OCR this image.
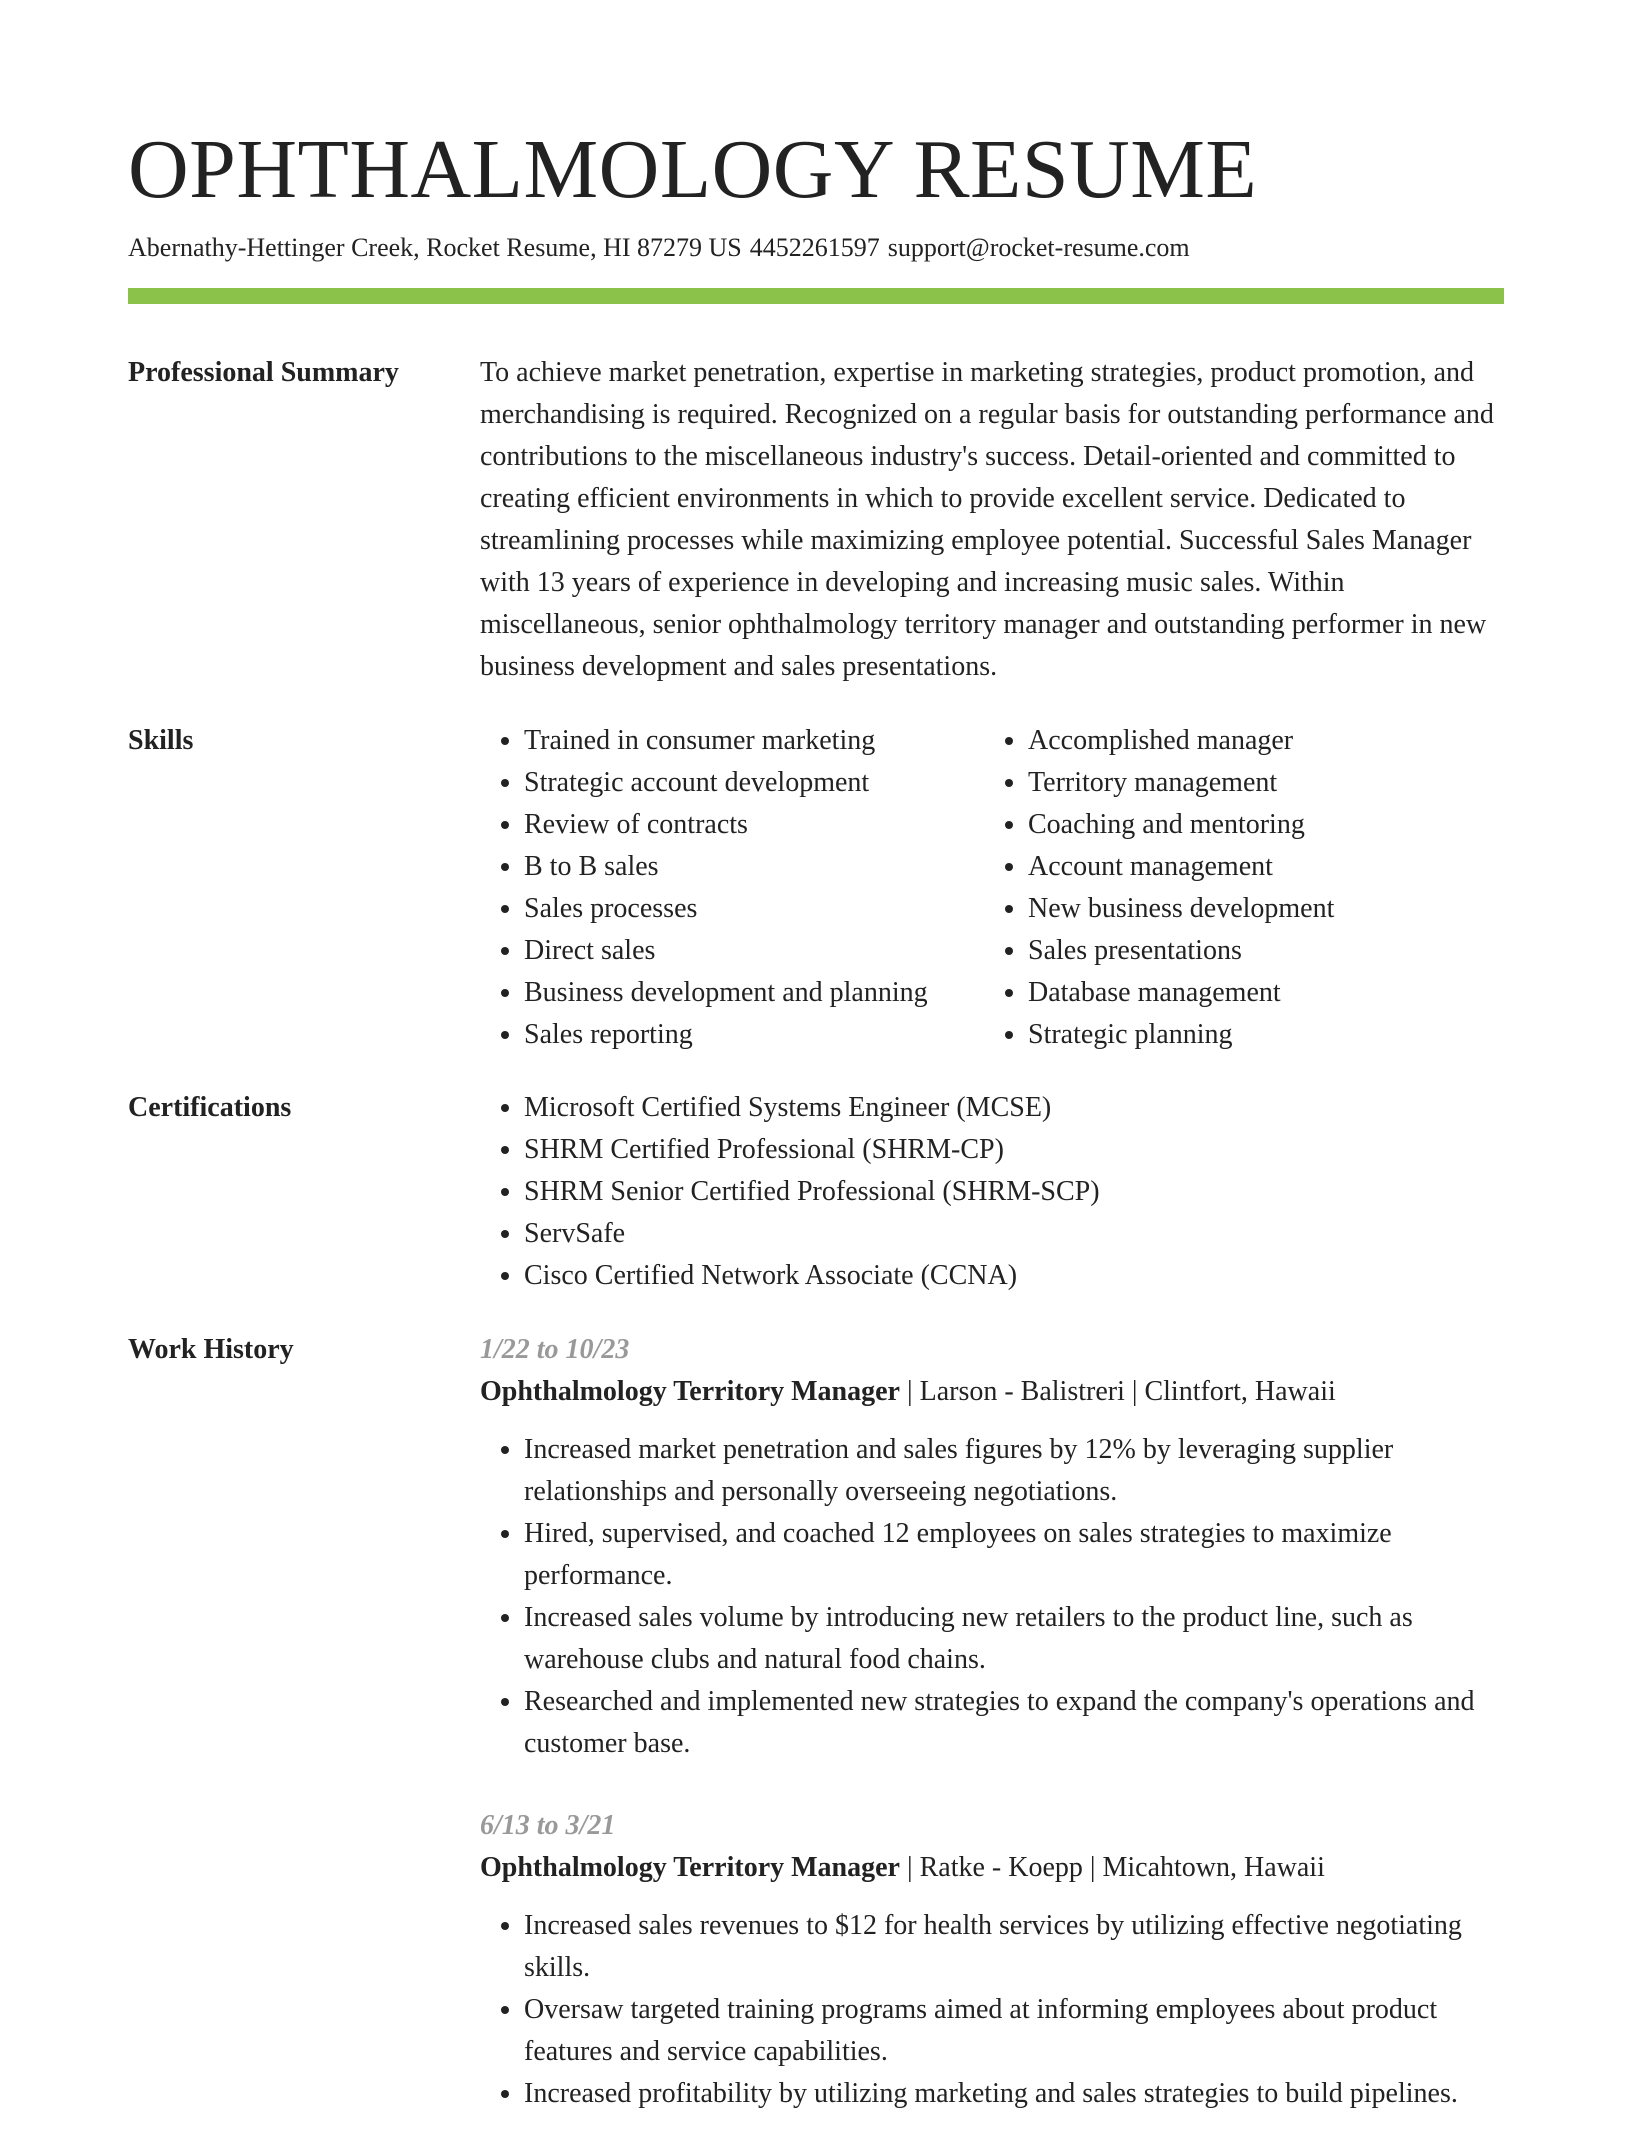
OPHTHALMOLOGY RESUME
Abernathy-Hettinger Creek, Rocket Resume, HI 87279 US 4452261597 support@rocket-resume.com
Professional Summary	To achieve market penetration, expertise in marketing strategies, product promotion, and merchandising is required. Recognized on a regular basis for outstanding performance and contributions to the miscellaneous industry's success. Detail-oriented and committed to creating efficient environments in which to provide excellent service. Dedicated to streamlining processes while maximizing employee potential. Successful Sales Manager with 13 years of experience in developing and increasing music sales. Within miscellaneous, senior ophthalmology territory manager and outstanding performer in new business development and sales presentations.

Skills	• Trained in consumer marketing
• Strategic account development
• Review of contracts
• B to B sales
• Sales processes
• Direct sales
• Business development and planning
• Sales reporting
• Accomplished manager
• Territory management
• Coaching and mentoring
• Account management
• New business development
• Sales presentations
• Database management
• Strategic planning
Certifications	• Microsoft Certified Systems Engineer (MCSE)
• SHRM Certified Professional (SHRM-CP)
• SHRM Senior Certified Professional (SHRM-SCP)
• ServSafe
• Cisco Certified Network Associate (CCNA)
Work History	1/22 to 10/23
Ophthalmology Territory Manager | Larson - Balistreri | Clintfort, Hawaii
• Increased market penetration and sales figures by 12% by leveraging supplier relationships and personally overseeing negotiations.
• Hired, supervised, and coached 12 employees on sales strategies to maximize performance.
• Increased sales volume by introducing new retailers to the product line, such as warehouse clubs and natural food chains.
• Researched and implemented new strategies to expand the company's operations and customer base.
6/13 to 3/21
Ophthalmology Territory Manager | Ratke - Koepp | Micahtown, Hawaii
• Increased sales revenues to $12 for health services by utilizing effective negotiating skills.
• Oversaw targeted training programs aimed at informing employees about product features and service capabilities.
• Increased profitability by utilizing marketing and sales strategies to build pipelines.
